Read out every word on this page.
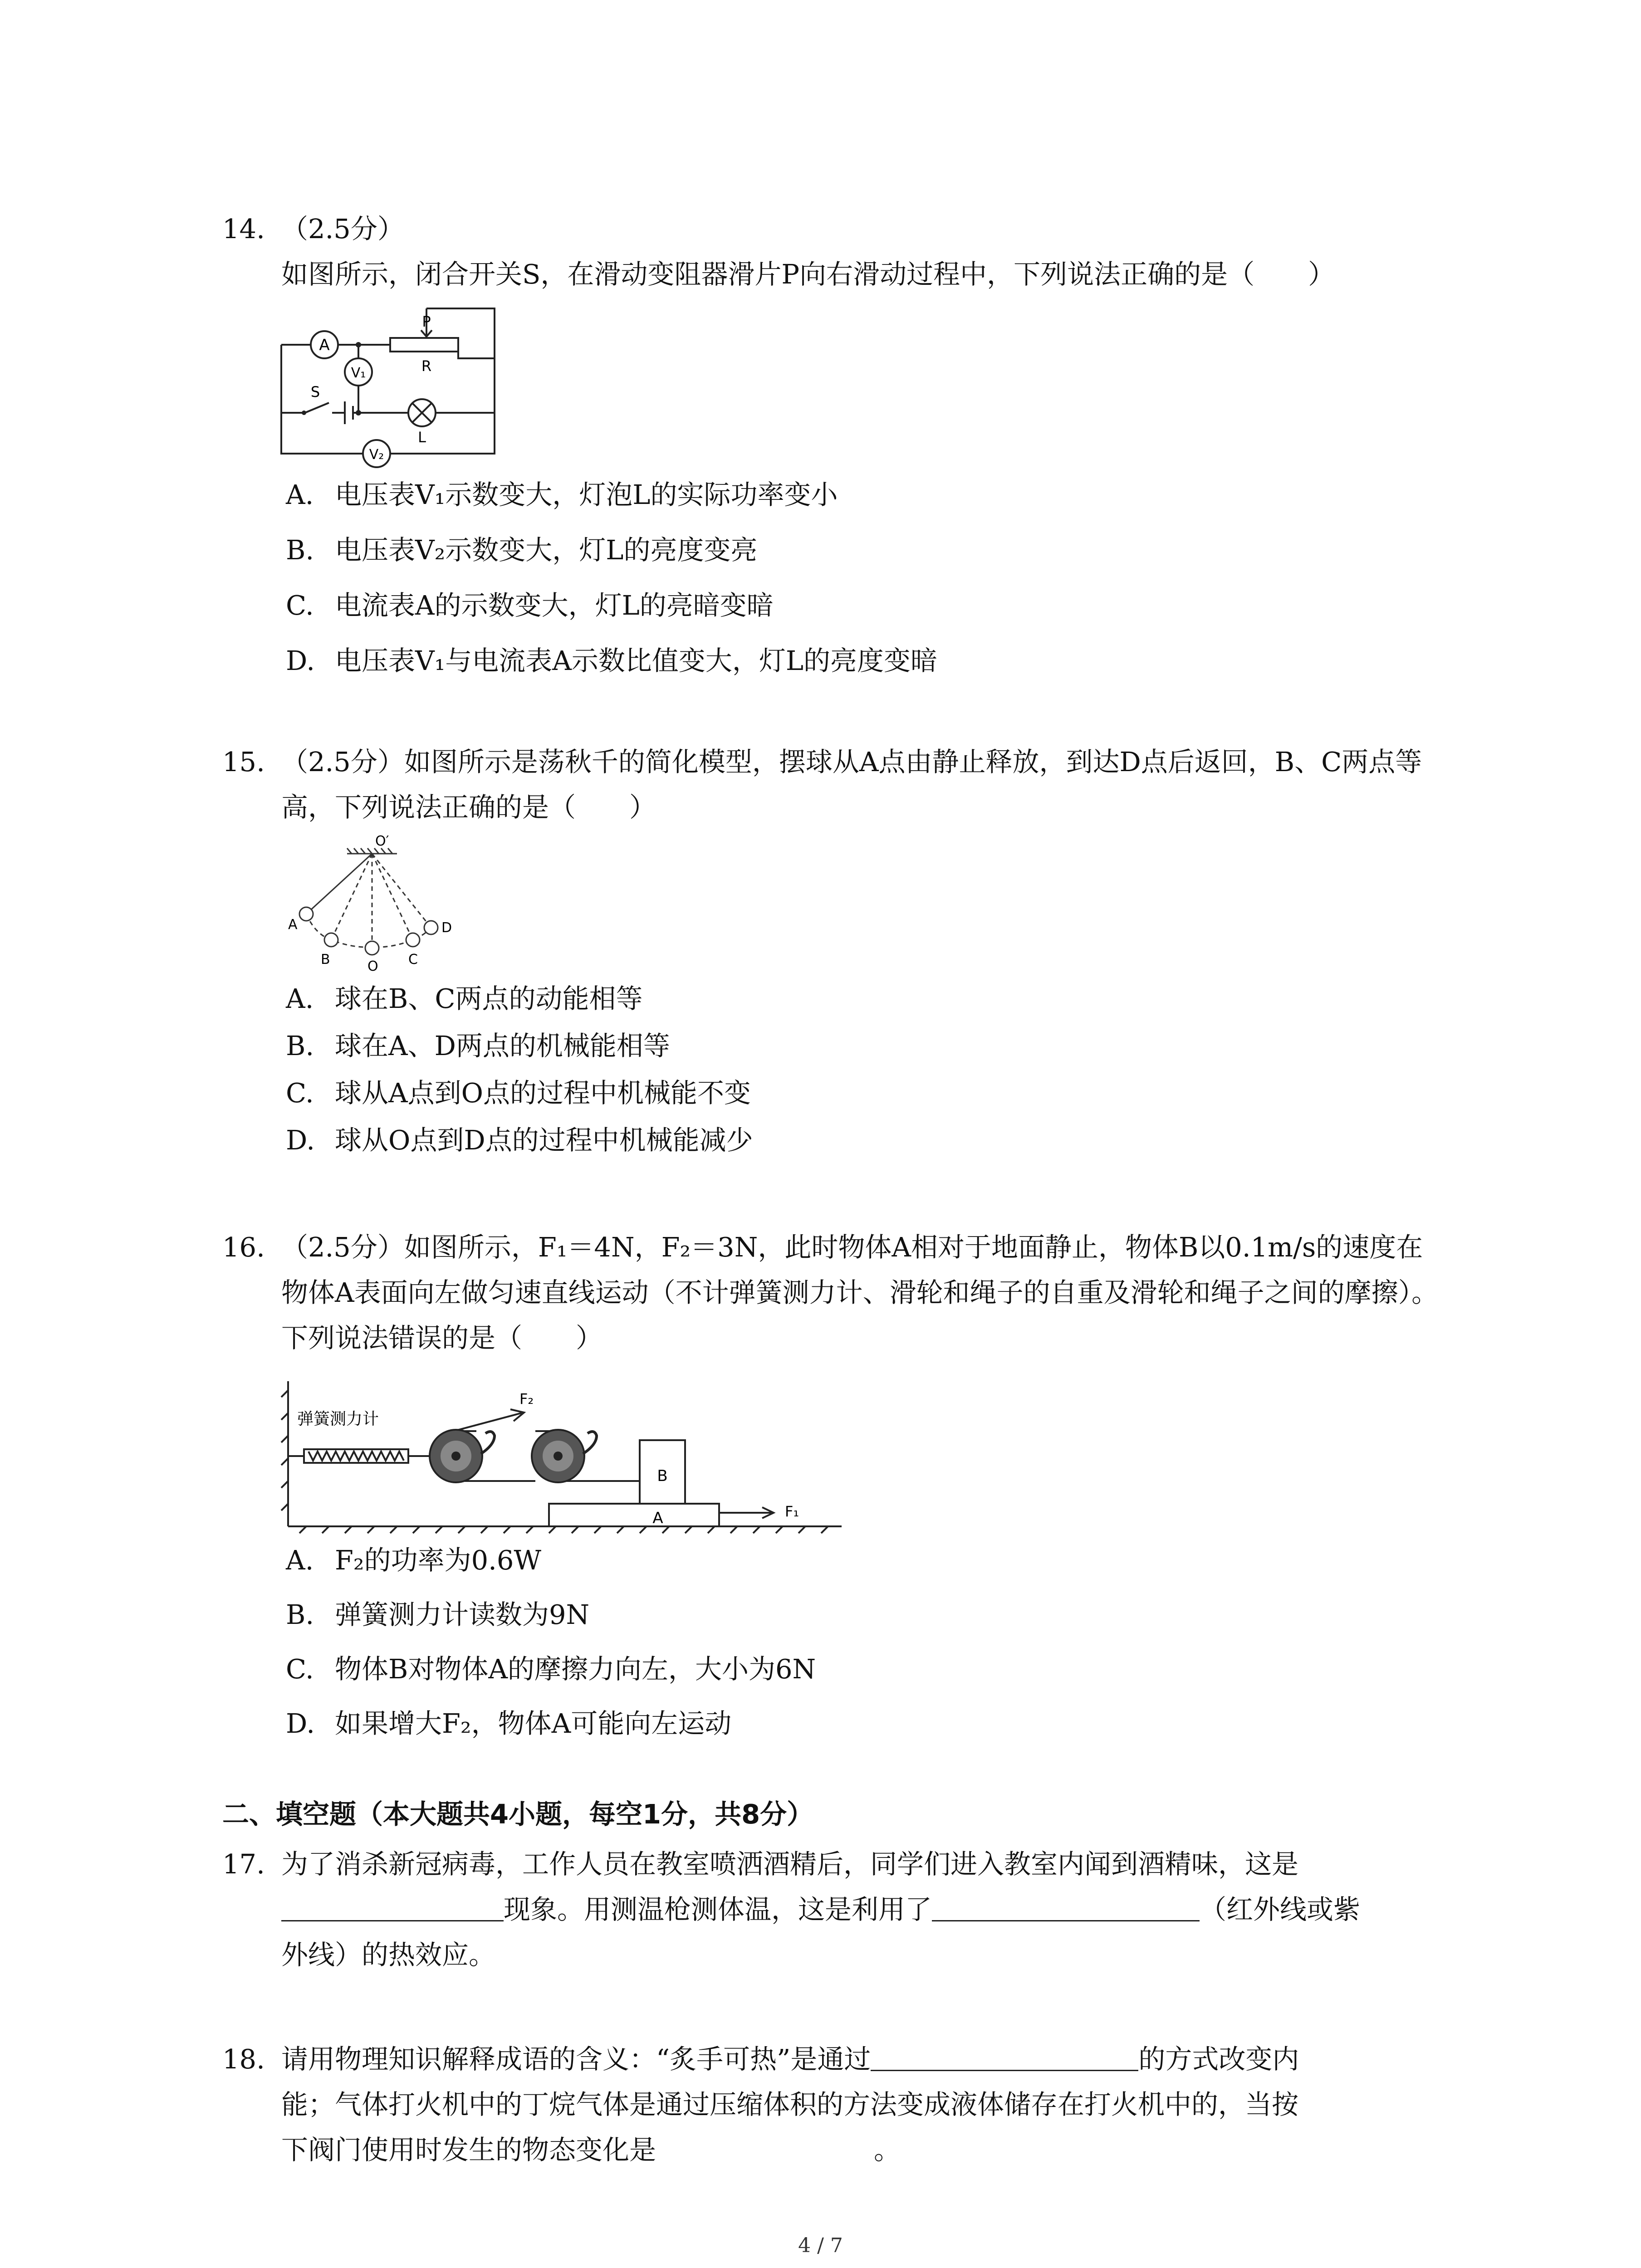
14. （2.5分）如图所示，闭合开关S，在滑动变阻器滑片P向右滑动过程中，下列说法正确的是（　　）
A
V₁
V₂
P
R
S
L
A. 电压表V₁示数变大，灯泡L的实际功率变小
B. 电压表V₂示数变大，灯L的亮度变亮
C. 电流表A的示数变大，灯L的亮暗变暗
D. 电压表V₁与电流表A示数比值变大，灯L的亮度变暗
15. （2.5分）如图所示是荡秋千的简化模型，摆球从A点由静止释放，到达D点后返回，B、C两点等高，下列说法正确的是（　　）
O′
A
B	O C
D
A. 球在B、C两点的动能相等
B. 球在A、D两点的机械能相等
C. 球从A点到O点的过程中机械能不变
D. 球从O点到D点的过程中机械能减少
16. （2.5分）如图所示，F₁＝4N，F₂＝3N，此时物体A相对于地面静止，物体B以0.1m/s的速度在物体A表面向左做匀速直线运动（不计弹簧测力计、滑轮和绳子的自重及滑轮和绳子之间的摩擦）。下列说法错误的是（　　）
弹簧测力计
F₂
B
A	F₁
A. F₂的功率为0.6W
B. 弹簧测力计读数为9N
C. 物体B对物体A的摩擦力向左，大小为6N
D. 如果增大F₂，物体A可能向左运动
二、填空题（本大题共4小题，每空1分，共8分）
17. 为了消杀新冠病毒，工作人员在教室喷洒酒精后，同学们进入教室内闻到酒精味，这是
现象。用测温枪测体温，这是利用了	（红外线或紫
外线）的热效应。
18. 请用物理知识解释成语的含义：“炙手可热”是通过	的方式改变内
能；气体打火机中的丁烷气体是通过压缩体积的方法变成液体储存在打火机中的，当按
下阀门使用时发生的物态变化是	。
4 / 7
